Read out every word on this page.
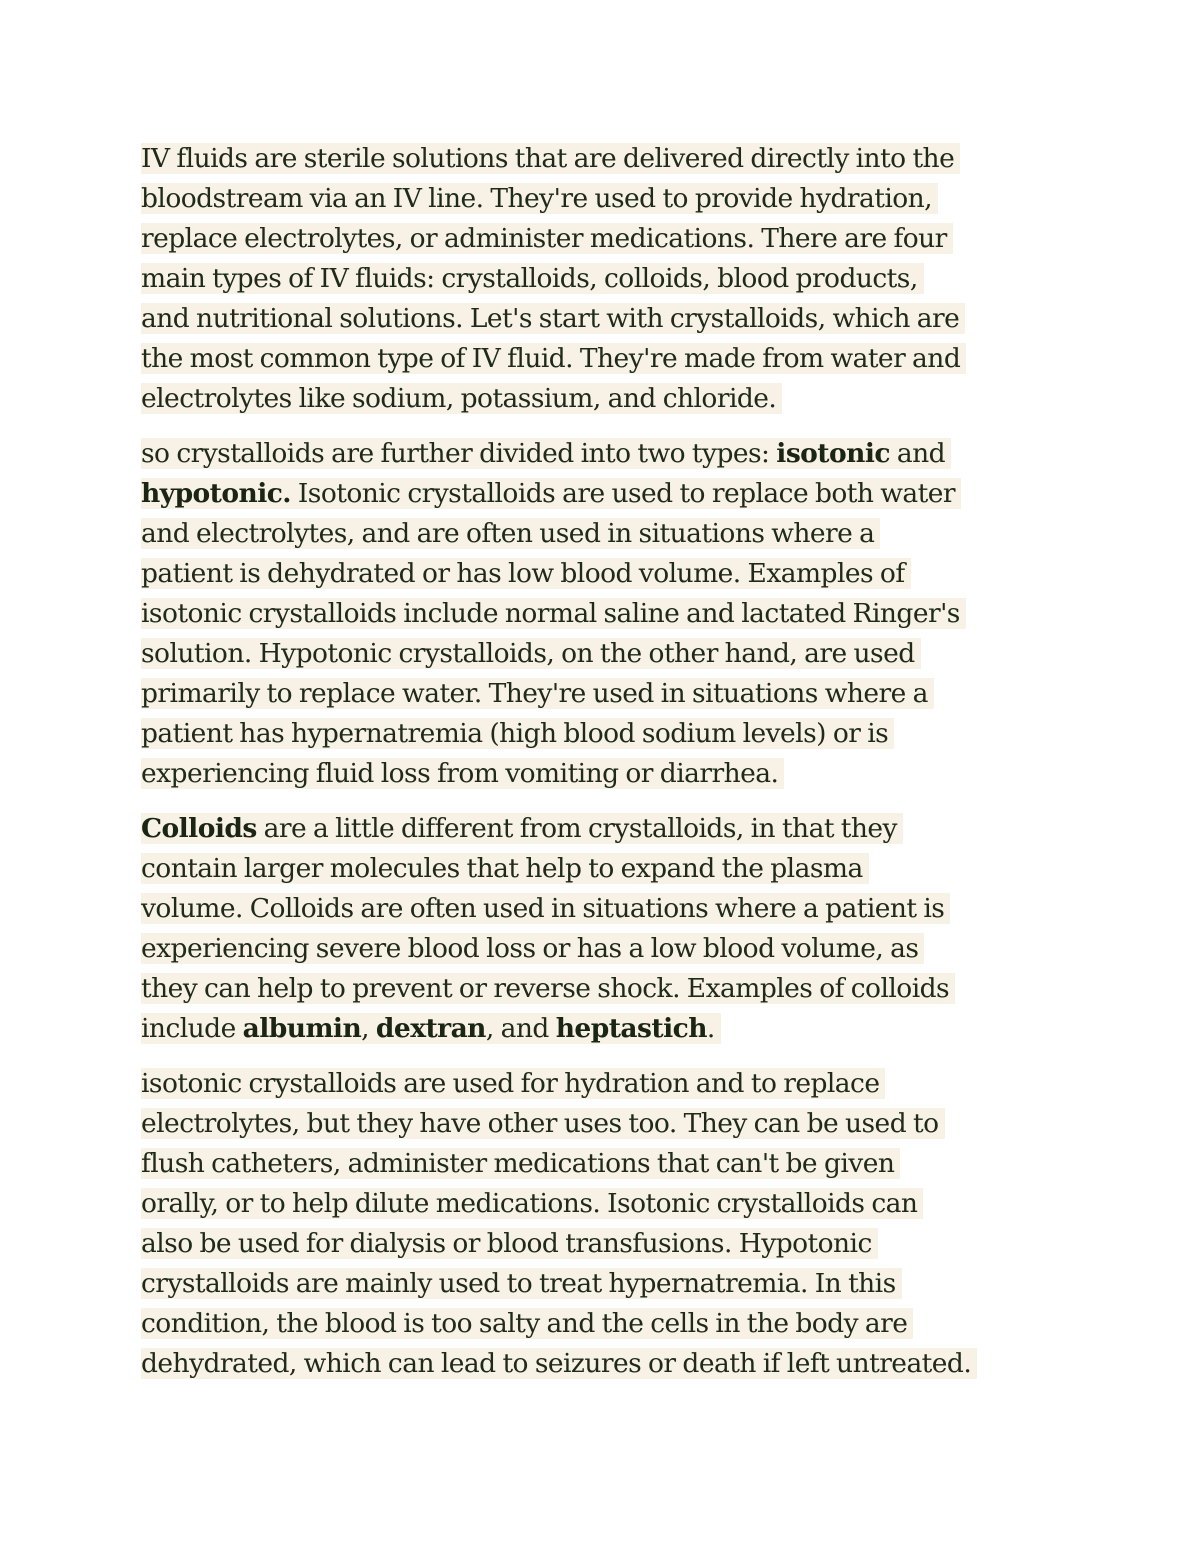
IV fluids are sterile solutions that are delivered directly into the
bloodstream via an IV line. They're used to provide hydration,
replace electrolytes, or administer medications. There are four
main types of IV fluids: crystalloids, colloids, blood products,
and nutritional solutions. Let's start with crystalloids, which are
the most common type of IV fluid. They're made from water and
electrolytes like sodium, potassium, and chloride.
so crystalloids are further divided into two types: isotonic and
hypotonic. Isotonic crystalloids are used to replace both water
and electrolytes, and are often used in situations where a
patient is dehydrated or has low blood volume. Examples of
isotonic crystalloids include normal saline and lactated Ringer's
solution. Hypotonic crystalloids, on the other hand, are used
primarily to replace water. They're used in situations where a
patient has hypernatremia (high blood sodium levels) or is
experiencing fluid loss from vomiting or diarrhea.
Colloids are a little different from crystalloids, in that they
contain larger molecules that help to expand the plasma
volume. Colloids are often used in situations where a patient is
experiencing severe blood loss or has a low blood volume, as
they can help to prevent or reverse shock. Examples of colloids
include albumin, dextran, and heptastich.
isotonic crystalloids are used for hydration and to replace
electrolytes, but they have other uses too. They can be used to
flush catheters, administer medications that can't be given
orally, or to help dilute medications. Isotonic crystalloids can
also be used for dialysis or blood transfusions. Hypotonic
crystalloids are mainly used to treat hypernatremia. In this
condition, the blood is too salty and the cells in the body are
dehydrated, which can lead to seizures or death if left untreated.
